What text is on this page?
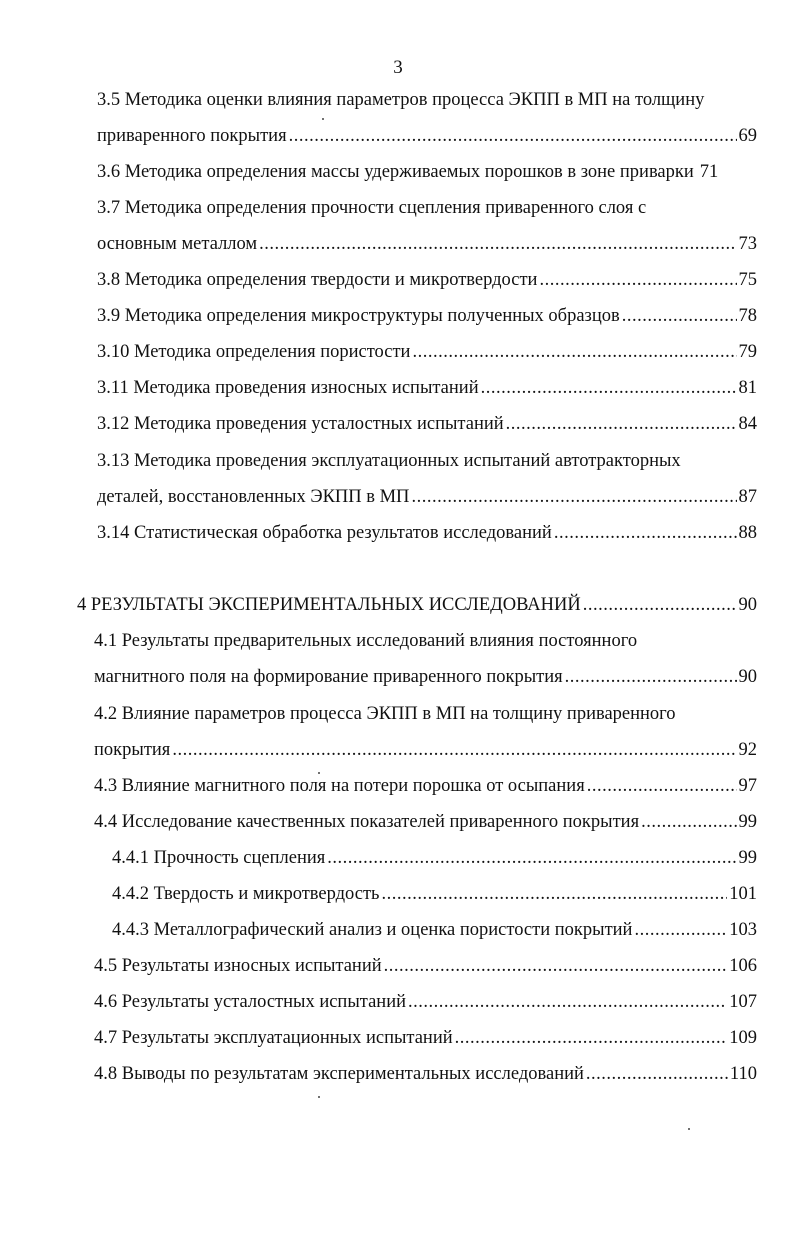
3
3.5 Методика оценки влияния параметров процесса ЭКПП в МП на толщину
приваренного покрытия .....	69
3.6 Методика определения массы удерживаемых порошков в зоне приварки 71
3.7 Методика определения прочности сцепления приваренного слоя с
основным металлом .....	73
3.8 Методика определения твердости и микротвердости .....	75
3.9 Методика определения микроструктуры полученных образцов .....	78
3.10 Методика определения пористости .....	79
3.11 Методика проведения износных испытаний .....	81
3.12 Методика проведения усталостных испытаний .....	84
3.13 Методика проведения эксплуатационных испытаний автотракторных
деталей, восстановленных ЭКПП в МП .....	87
3.14 Статистическая обработка результатов исследований .....	88
4 РЕЗУЛЬТАТЫ ЭКСПЕРИМЕНТАЛЬНЫХ ИССЛЕДОВАНИЙ .....	90
4.1 Результаты предварительных исследований влияния постоянного
магнитного поля на формирование приваренного покрытия .....	90
4.2 Влияние параметров процесса ЭКПП в МП на толщину приваренного
покрытия .....	92
4.3 Влияние магнитного поля на потери порошка от осыпания .....	97
4.4 Исследование качественных показателей приваренного покрытия .....	99
4.4.1 Прочность сцепления .....	99
4.4.2 Твердость и микротвердость .....	101
4.4.3 Металлографический анализ и оценка пористости покрытий .....	103
4.5 Результаты износных испытаний .....	106
4.6 Результаты усталостных испытаний .....	107
4.7 Результаты эксплуатационных испытаний .....	109
4.8 Выводы по результатам экспериментальных исследований .....	110
